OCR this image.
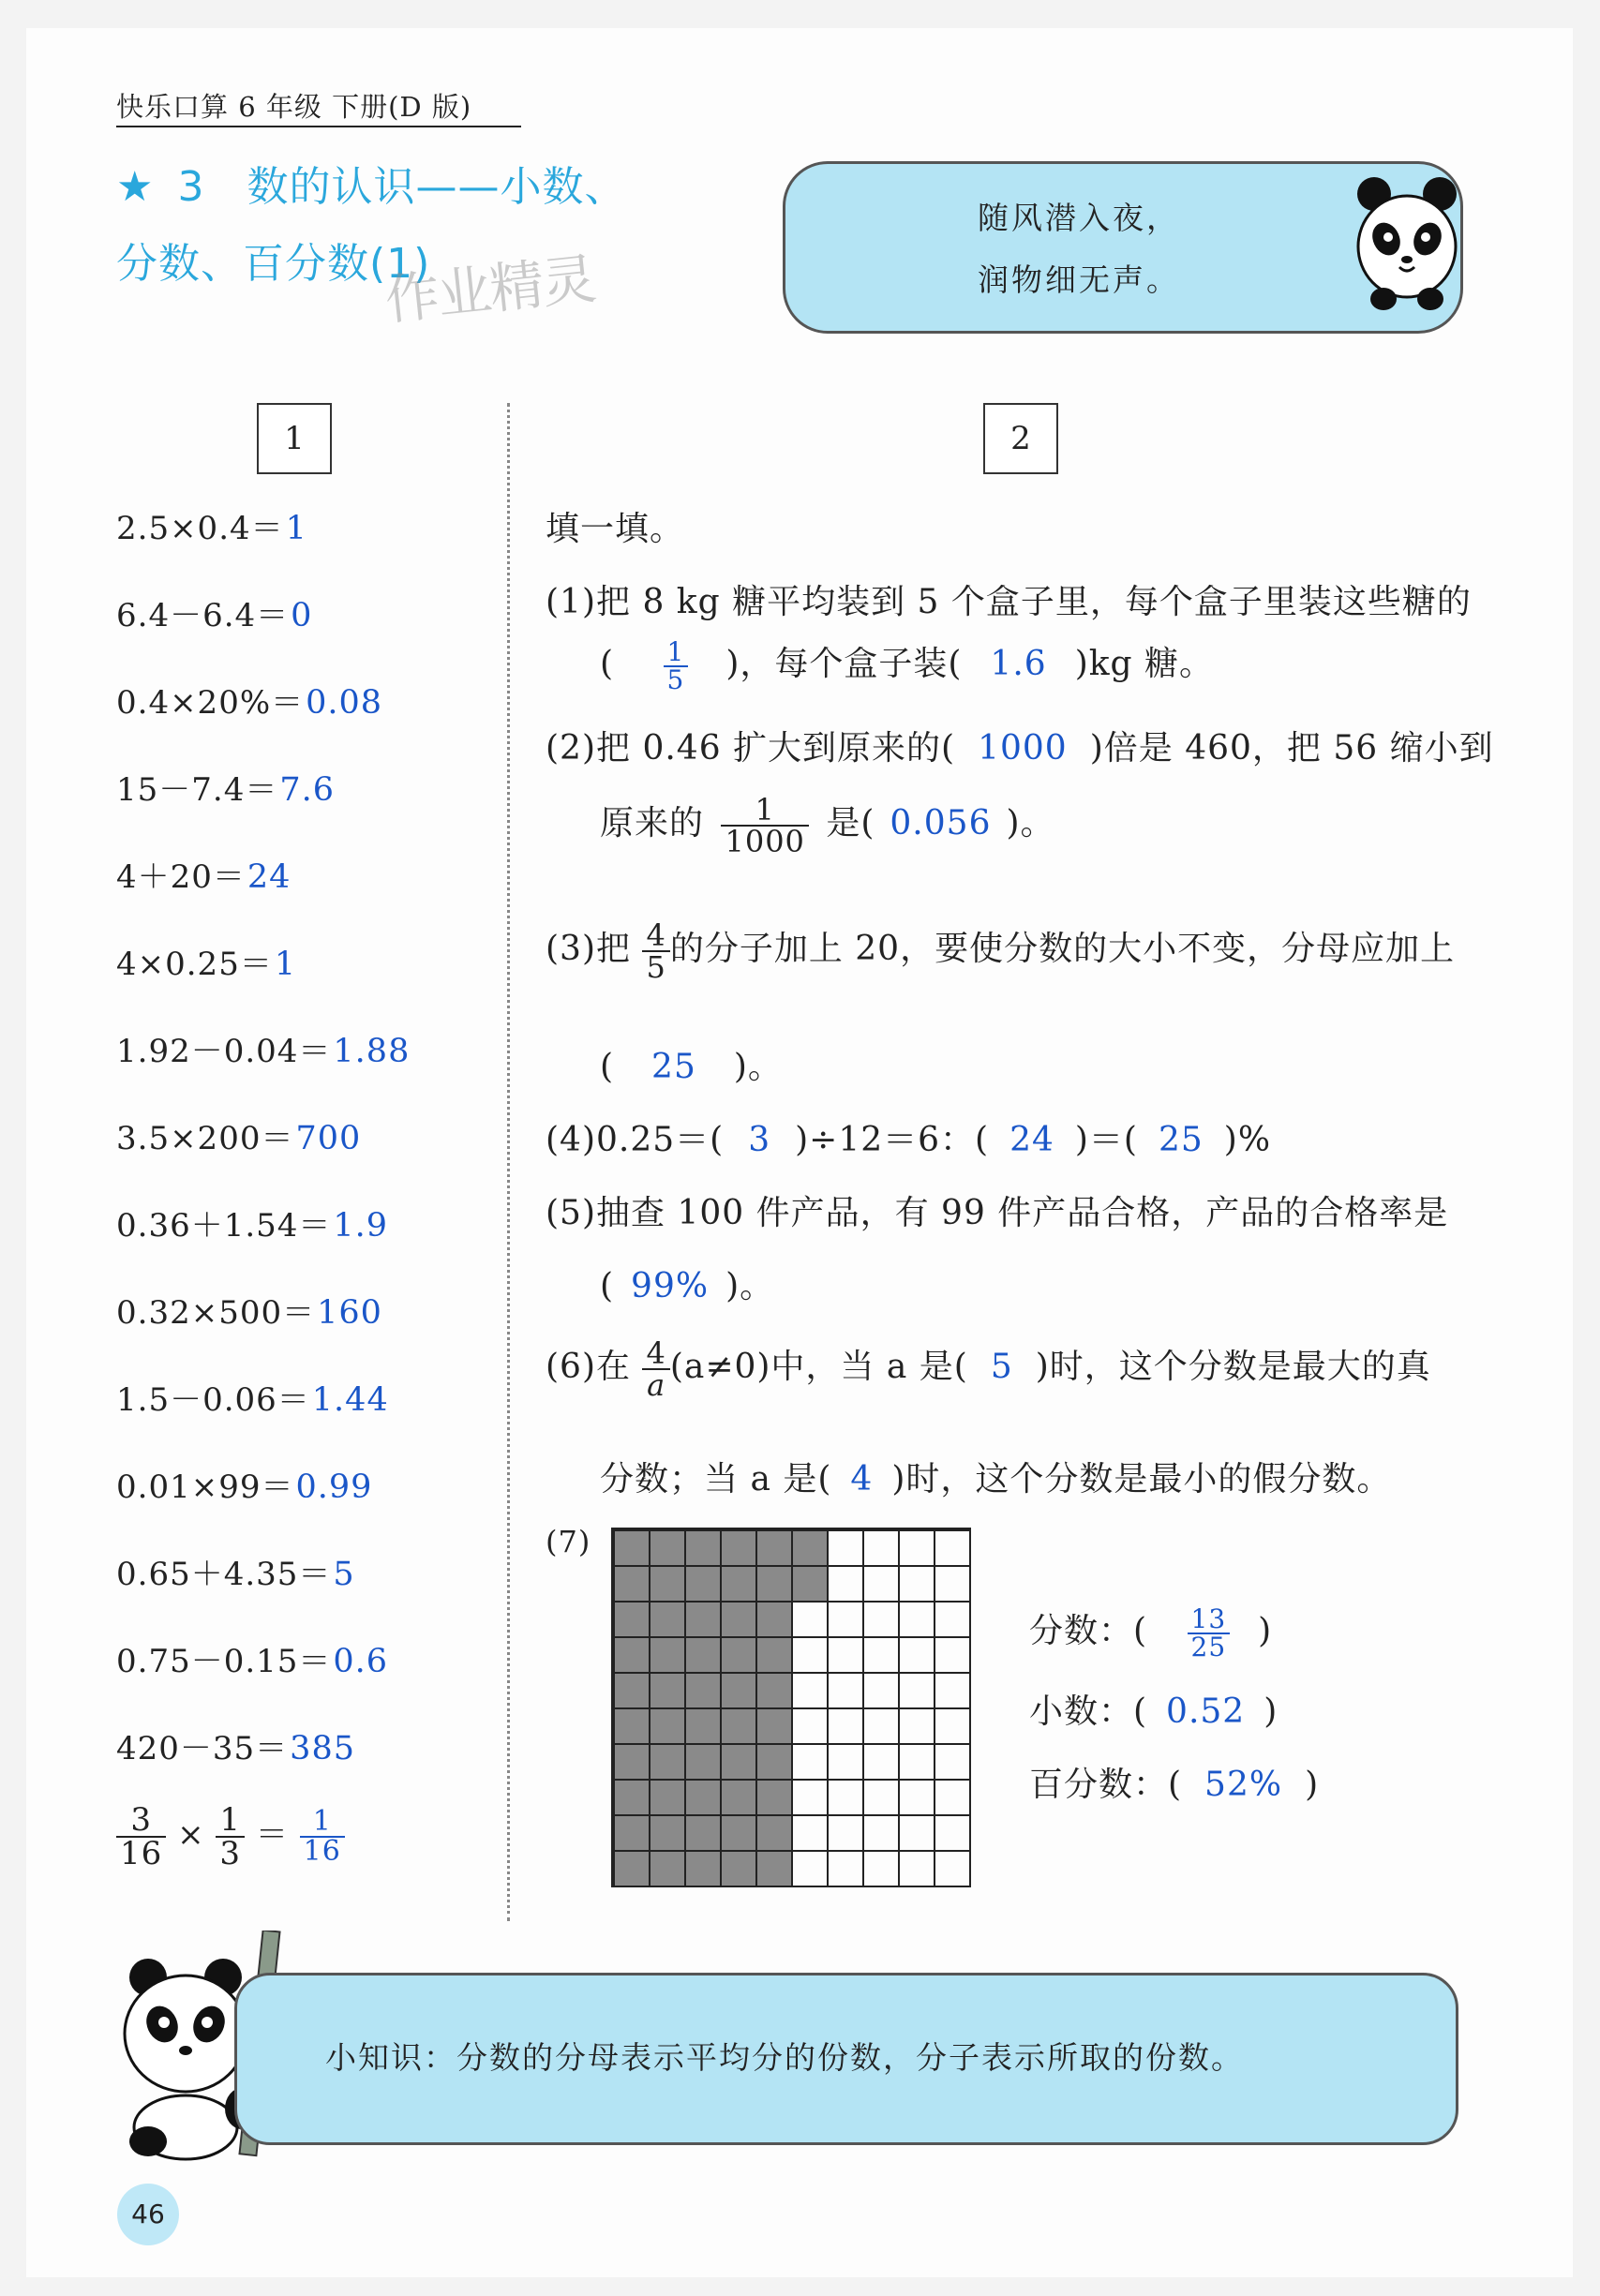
快乐口算 6 年级 下册(D 版)
★ 3 数的认识——小数、
分数、百分数(1)
作业精灵
随风潜入夜，
润物细无声。
1	2
2.5×0.4＝1
6.4－6.4＝0
0.4×20%＝0.08
15－7.4＝7.6
4＋20＝24
4×0.25＝1
1.92－0.04＝1.88
3.5×200＝700
0.36＋1.54＝1.9
0.32×500＝160
1.5－0.06＝1.44
0.01×99＝0.99
0.65＋4.35＝5
0.75－0.15＝0.6
420－35＝385
$\frac{3}{16} \times \frac{1}{3} = \frac{1}{16}$
填一填。
(1)把 8 kg 糖平均装到 5 个盒子里，每个盒子里装这些糖的
( $\frac{1}{5}$ )，每个盒子装( 1.6 )kg 糖。
(2)把 0.46 扩大到原来的( 1000 )倍是 460，把 56 缩小到
原来的 $\frac{1}{1000}$ 是( 0.056 )。
(3)把 $\frac{4}{5}$ 的分子加上 20，要使分数的大小不变，分母应加上
( 25 )。
(4)0.25＝( 3 )÷12＝6：( 24 )＝( 25 )%
(5)抽查 100 件产品，有 99 件产品合格，产品的合格率是
( 99% )。
(6)在 $\frac{4}{a} (a\ne 0)$中，当 a 是( 5 )时，这个分数是最大的真
分数；当 a 是( 4 )时，这个分数是最小的假分数。
(7)
分数：( $\frac{13}{25}$ )
小数：( 0.52 )
百分数：( 52% )
小知识：分数的分母表示平均分的份数，分子表示所取的份数。
46
